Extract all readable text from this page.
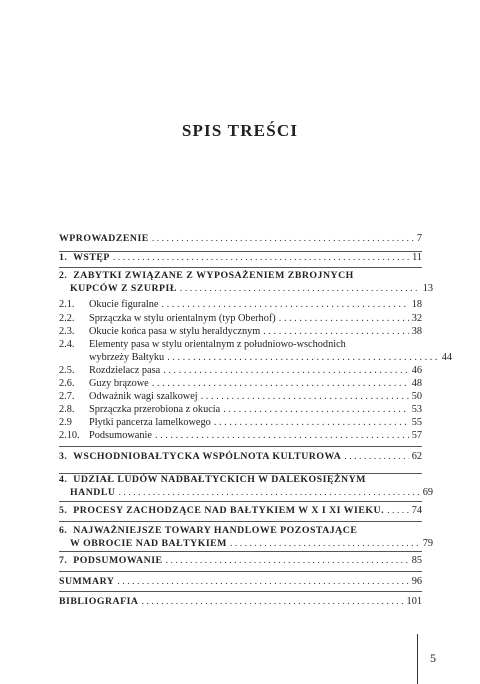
SPIS TREŚCI
WPROWADZENIE . . .	7
1. WSTĘP . . .	11
2. ZABYTKI ZWIĄZANE Z WYPOSAŻENIEM ZBROJNYCH
KUPCÓW Z SZURPIŁ . . .	13
2.1.	Okucie figuralne . . .	18
2.2.	Sprzączka w stylu orientalnym (typ Oberhof) . . .	32
2.3.	Okucie końca pasa w stylu heraldycznym . . .	38
2.4.	Elementy pasa w stylu orientalnym z południowo-wschodnich
wybrzeży Bałtyku . . .	44
2.5.	Rozdzielacz pasa . . .	46
2.6.	Guzy brązowe . . .	48
2.7.	Odważnik wagi szalkowej . . .	50
2.8.	Sprzączka przerobiona z okucia . . .	53
2.9	Płytki pancerza lamelkowego . . .	55
2.10. Podsumowanie . . .	57
3. WSCHODNIOBAŁTYCKA WSPÓLNOTA KULTUROWA . . .	62
4. UDZIAŁ LUDÓW NADBAŁTYCKICH W DALEKOSIĘŻNYM
HANDLU . . .	69
5. PROCESY ZACHODZĄCE NAD BAŁTYKIEM W X I XI WIEKU. . . .	74
6. NAJWAŻNIEJSZE TOWARY HANDLOWE POZOSTAJĄCE
W OBROCIE NAD BAŁTYKIEM . . .	79
7. PODSUMOWANIE . . .	85
SUMMARY . . .	96
BIBLIOGRAFIA . . .	101
5
